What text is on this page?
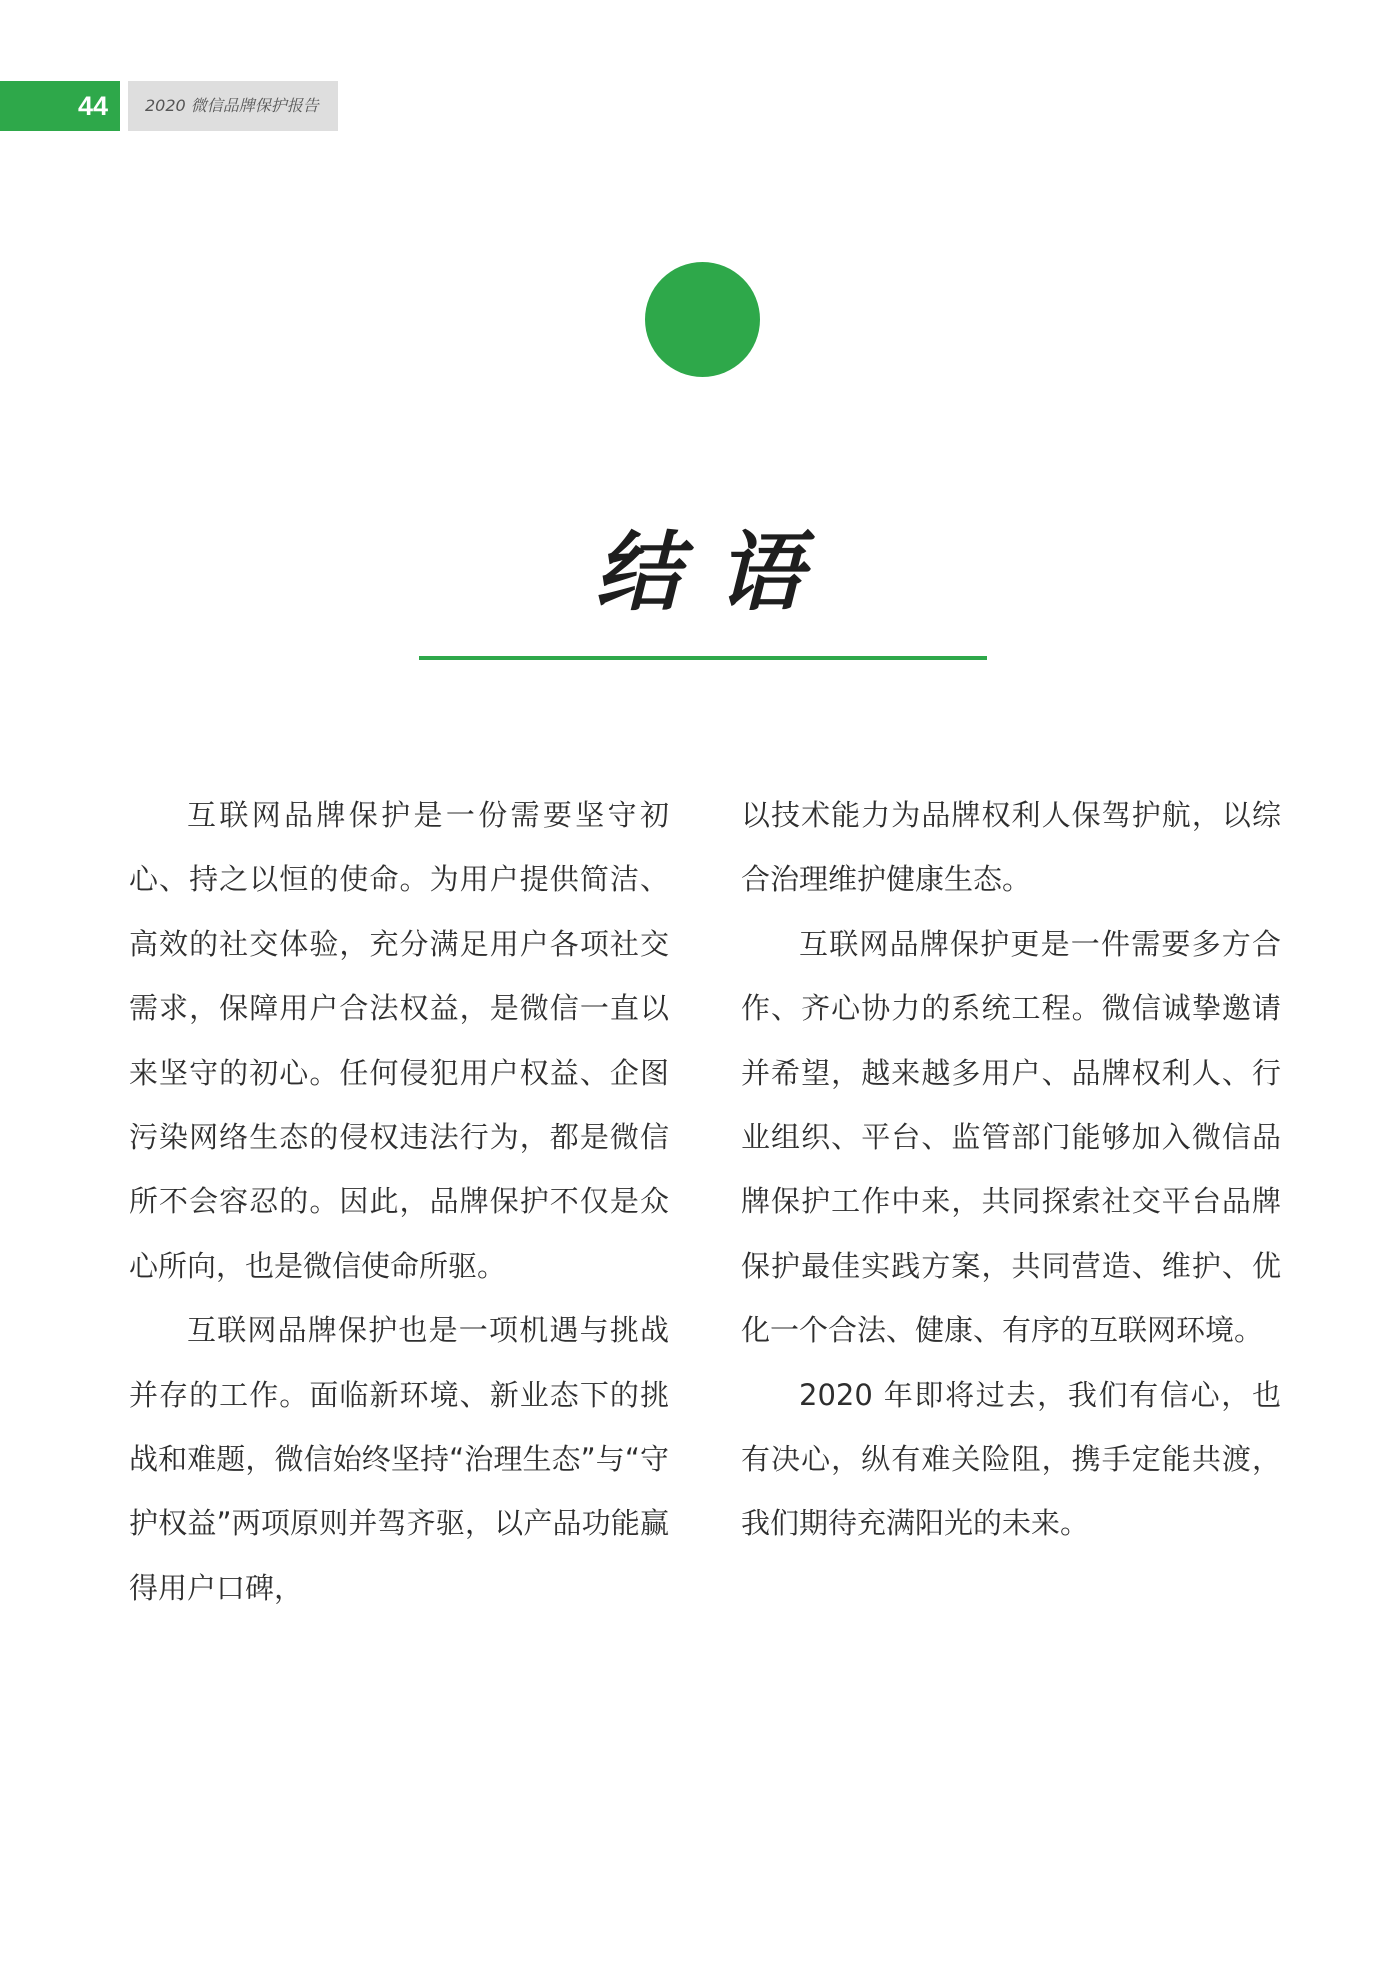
44	2020 微信品牌保护报告
结语

互联网品牌保护是一份需要坚守初心、持之以恒的使命。为用户提供简洁、高效的社交体验，充分满足用户各项社交需求，保障用户合法权益，是微信一直以来坚守的初心。任何侵犯用户权益、企图污染网络生态的侵权违法行为，都是微信所不会容忍的。因此，品牌保护不仅是众心所向，也是微信使命所驱。

互联网品牌保护也是一项机遇与挑战并存的工作。面临新环境、新业态下的挑战和难题，微信始终坚持“治理生态”与“守护权益”两项原则并驾齐驱，以产品功能赢得用户口碑，

以技术能力为品牌权利人保驾护航，以综合治理维护健康生态。

互联网品牌保护更是一件需要多方合作、齐心协力的系统工程。微信诚挚邀请并希望，越来越多用户、品牌权利人、行业组织、平台、监管部门能够加入微信品牌保护工作中来，共同探索社交平台品牌保护最佳实践方案，共同营造、维护、优化一个合法、健康、有序的互联网环境。

2020 年即将过去，我们有信心，也有决心，纵有难关险阻，携手定能共渡，我们期待充满阳光的未来。
